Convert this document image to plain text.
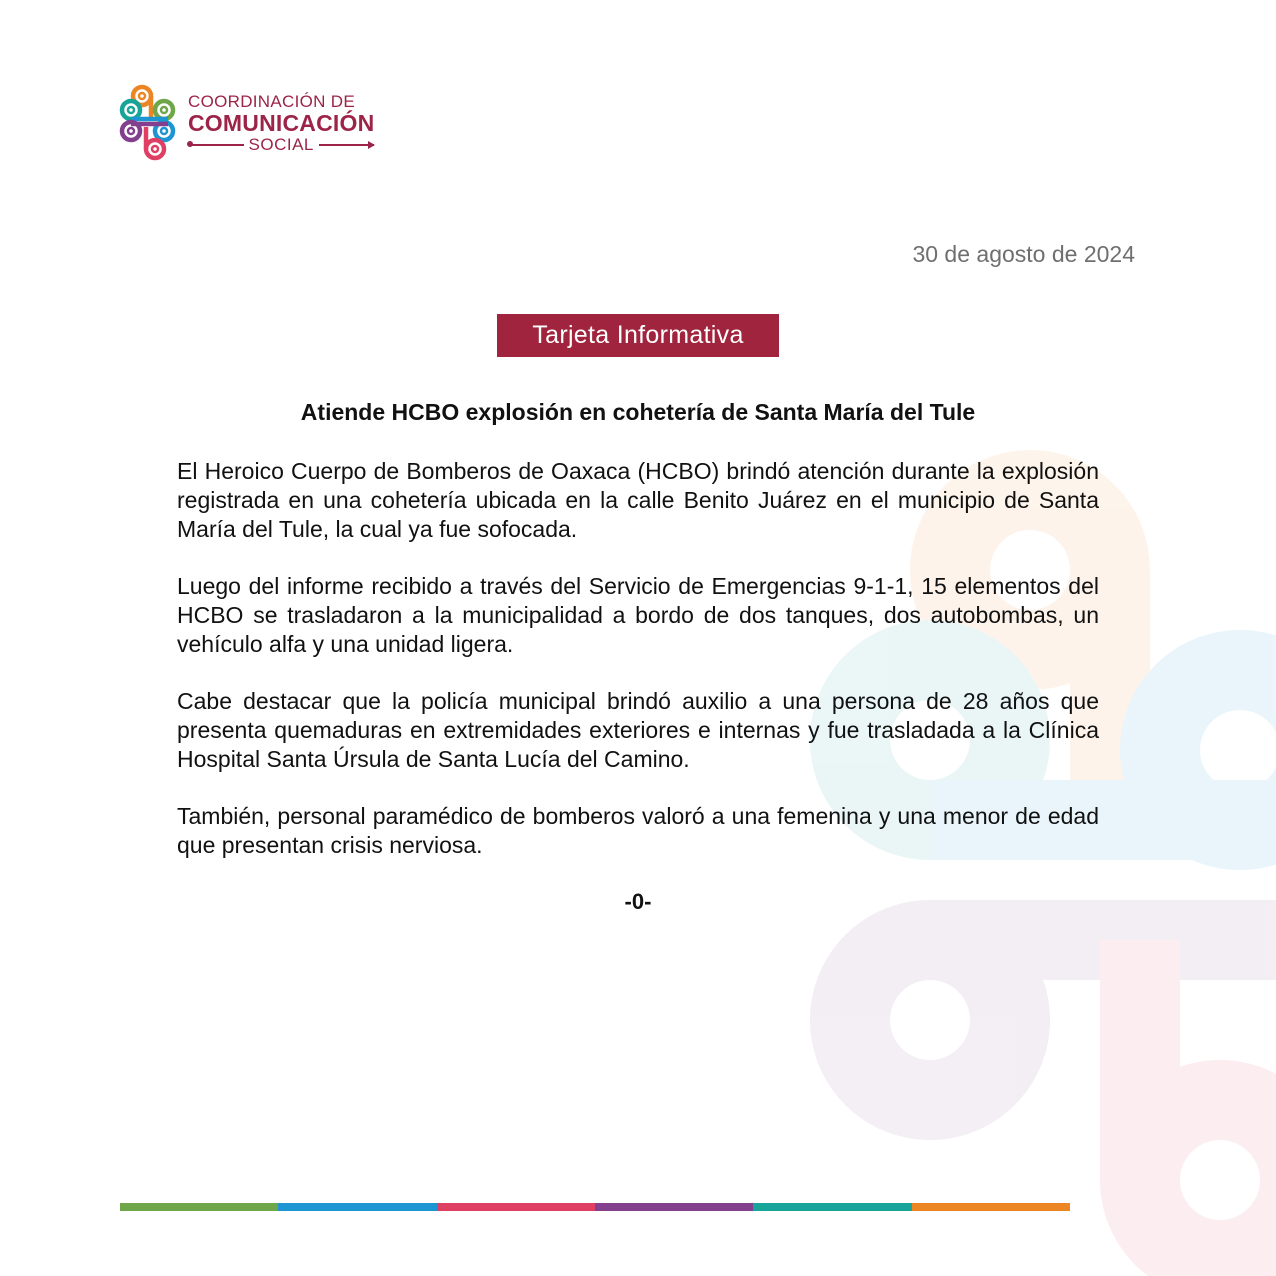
COORDINACIÓN DE
COMUNICACIÓN
SOCIAL
30 de agosto de 2024
Tarjeta Informativa
Atiende HCBO explosión en cohetería de Santa María del Tule

El Heroico Cuerpo de Bomberos de Oaxaca (HCBO) brindó atención durante la explosión registrada en una cohetería ubicada en la calle Benito Juárez en el municipio de Santa María del Tule, la cual ya fue sofocada.

Luego del informe recibido a través del Servicio de Emergencias 9-1-1, 15 elementos del HCBO se trasladaron a la municipalidad a bordo de dos tanques, dos autobombas, un vehículo alfa y una unidad ligera.

Cabe destacar que la policía municipal brindó auxilio a una persona de 28 años que presenta quemaduras en extremidades exteriores e internas y fue trasladada a la Clínica Hospital Santa Úrsula de Santa Lucía del Camino.

También, personal paramédico de bomberos valoró a una femenina y una menor de edad que presentan crisis nerviosa.

-0-
